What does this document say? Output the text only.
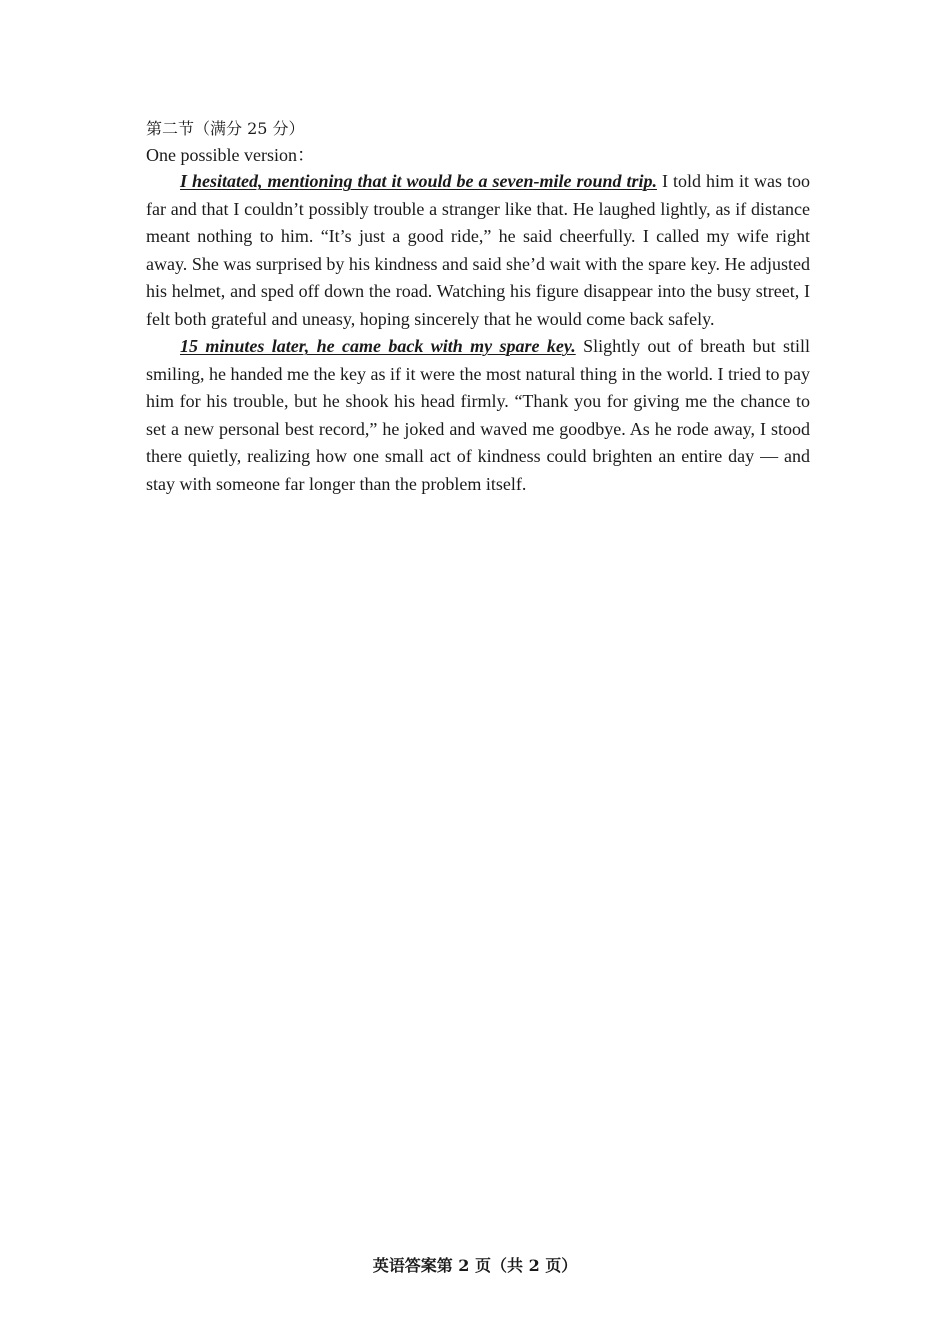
第二节（满分 25 分）

One possible version：

I hesitated, mentioning that it would be a seven-mile round trip. I told him it was too far and that I couldn’t possibly trouble a stranger like that. He laughed lightly, as if distance meant nothing to him. “It’s just a good ride,” he said cheerfully. I called my wife right away. She was surprised by his kindness and said she’d wait with the spare key. He adjusted his helmet, and sped off down the road. Watching his figure disappear into the busy street, I felt both grateful and uneasy, hoping sincerely that he would come back safely.

15 minutes later, he came back with my spare key. Slightly out of breath but still smiling, he handed me the key as if it were the most natural thing in the world. I tried to pay him for his trouble, but he shook his head firmly. “Thank you for giving me the chance to set a new personal best record,” he joked and waved me goodbye. As he rode away, I stood there quietly, realizing how one small act of kindness could brighten an entire day — and stay with someone far longer than the problem itself.

英语答案第 2 页（共 2 页）
